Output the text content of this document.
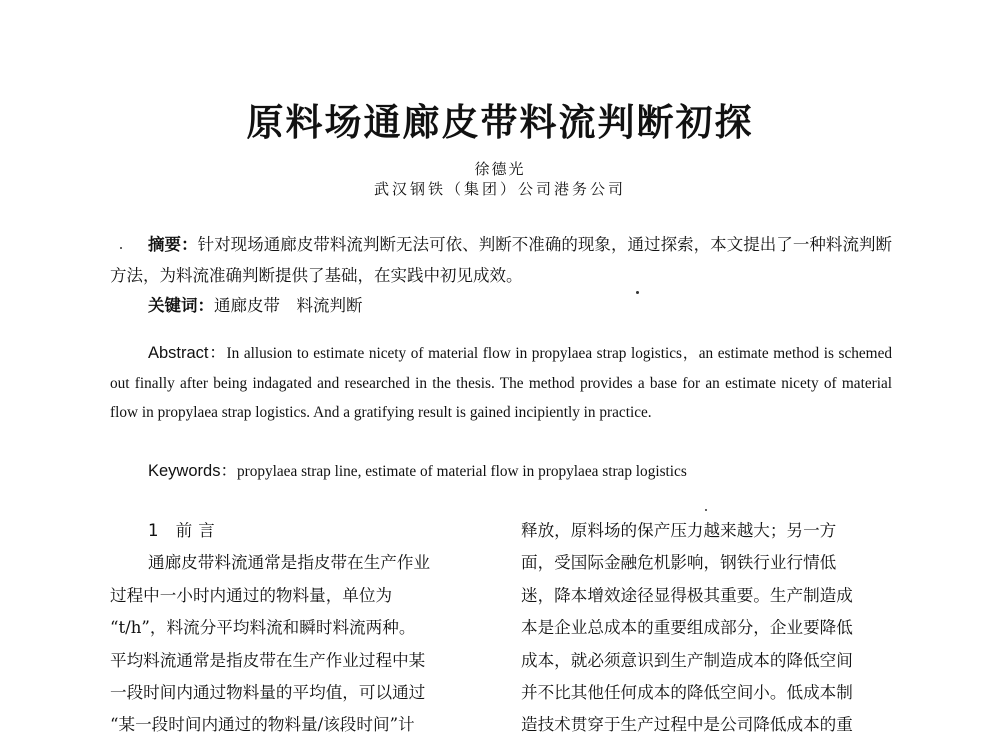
原料场通廊皮带料流判断初探
徐德光
武汉钢铁（集团）公司港务公司
摘要：针对现场通廊皮带料流判断无法可依、判断不准确的现象，通过探索，本文提出了一种料流判断方法，为料流准确判断提供了基础，在实践中初见成效。
关键词：通廊皮带　料流判断
Abstract：In allusion to estimate nicety of material flow in propylaea strap logistics，an estimate method is schemed out finally after being indagated and researched in the thesis. The method provides a base for an estimate nicety of material flow in propylaea strap logistics. And a gratifying result is gained incipiently in practice.
Keywords：propylaea strap line, estimate of material flow in propylaea strap logistics
1 前言
通廊皮带料流通常是指皮带在生产作业
过程中一小时内通过的物料量，单位为
“t/h”，料流分平均料流和瞬时料流两种。
平均料流通常是指皮带在生产作业过程中某
一段时间内通过物料量的平均值，可以通过
“某一段时间内通过的物料量/该段时间”计
释放，原料场的保产压力越来越大；另一方
面，受国际金融危机影响，钢铁行业行情低
迷，降本增效途径显得极其重要。生产制造成
本是企业总成本的重要组成部分，企业要降低
成本，就必须意识到生产制造成本的降低空间
并不比其他任何成本的降低空间小。低成本制
造技术贯穿于生产过程中是公司降低成本的重
